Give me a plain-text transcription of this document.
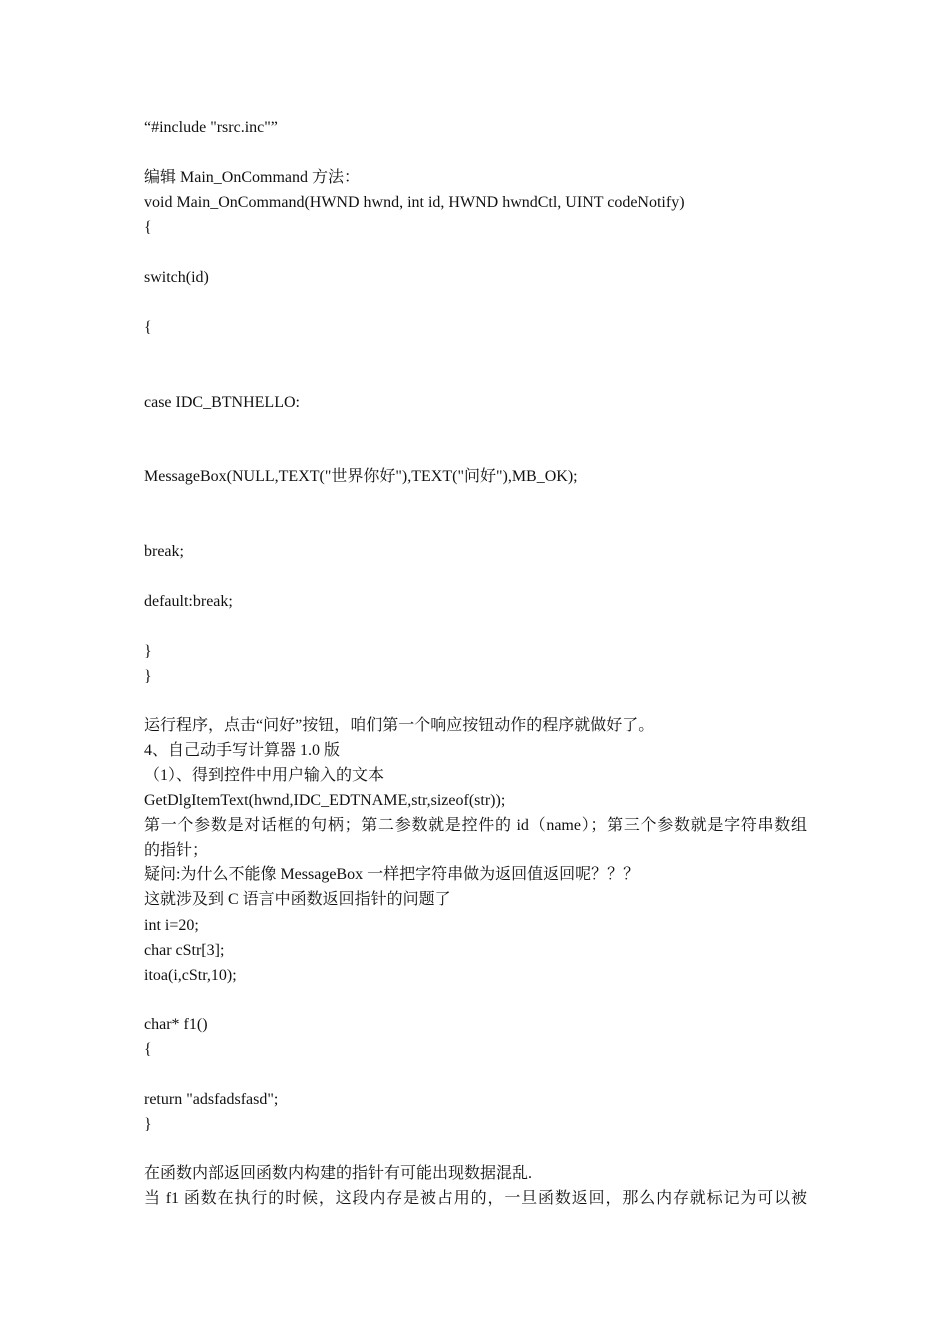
“#include "rsrc.inc"”
编辑 Main_OnCommand 方法：
void Main_OnCommand(HWND hwnd, int id, HWND hwndCtl, UINT codeNotify)
{
switch(id)
{
case IDC_BTNHELLO:
MessageBox(NULL,TEXT("世界你好"),TEXT("问好"),MB_OK);
break;
default:break;
}
}
运行程序，点击“问好”按钮，咱们第一个响应按钮动作的程序就做好了。
4、自己动手写计算器 1.0 版
（1）、得到控件中用户输入的文本
GetDlgItemText(hwnd,IDC_EDTNAME,str,sizeof(str));
第一个参数是对话框的句柄；第二参数就是控件的 id（name）；第三个参数就是字符串数组
的指针；
疑问:为什么不能像 MessageBox 一样把字符串做为返回值返回呢？？？
这就涉及到 C 语言中函数返回指针的问题了
int i=20;
char cStr[3];
itoa(i,cStr,10);
char* f1()
{
return "adsfadsfasd";
}
在函数内部返回函数内构建的指针有可能出现数据混乱.
当 f1 函数在执行的时候，这段内存是被占用的，一旦函数返回，那么内存就标记为可以被
